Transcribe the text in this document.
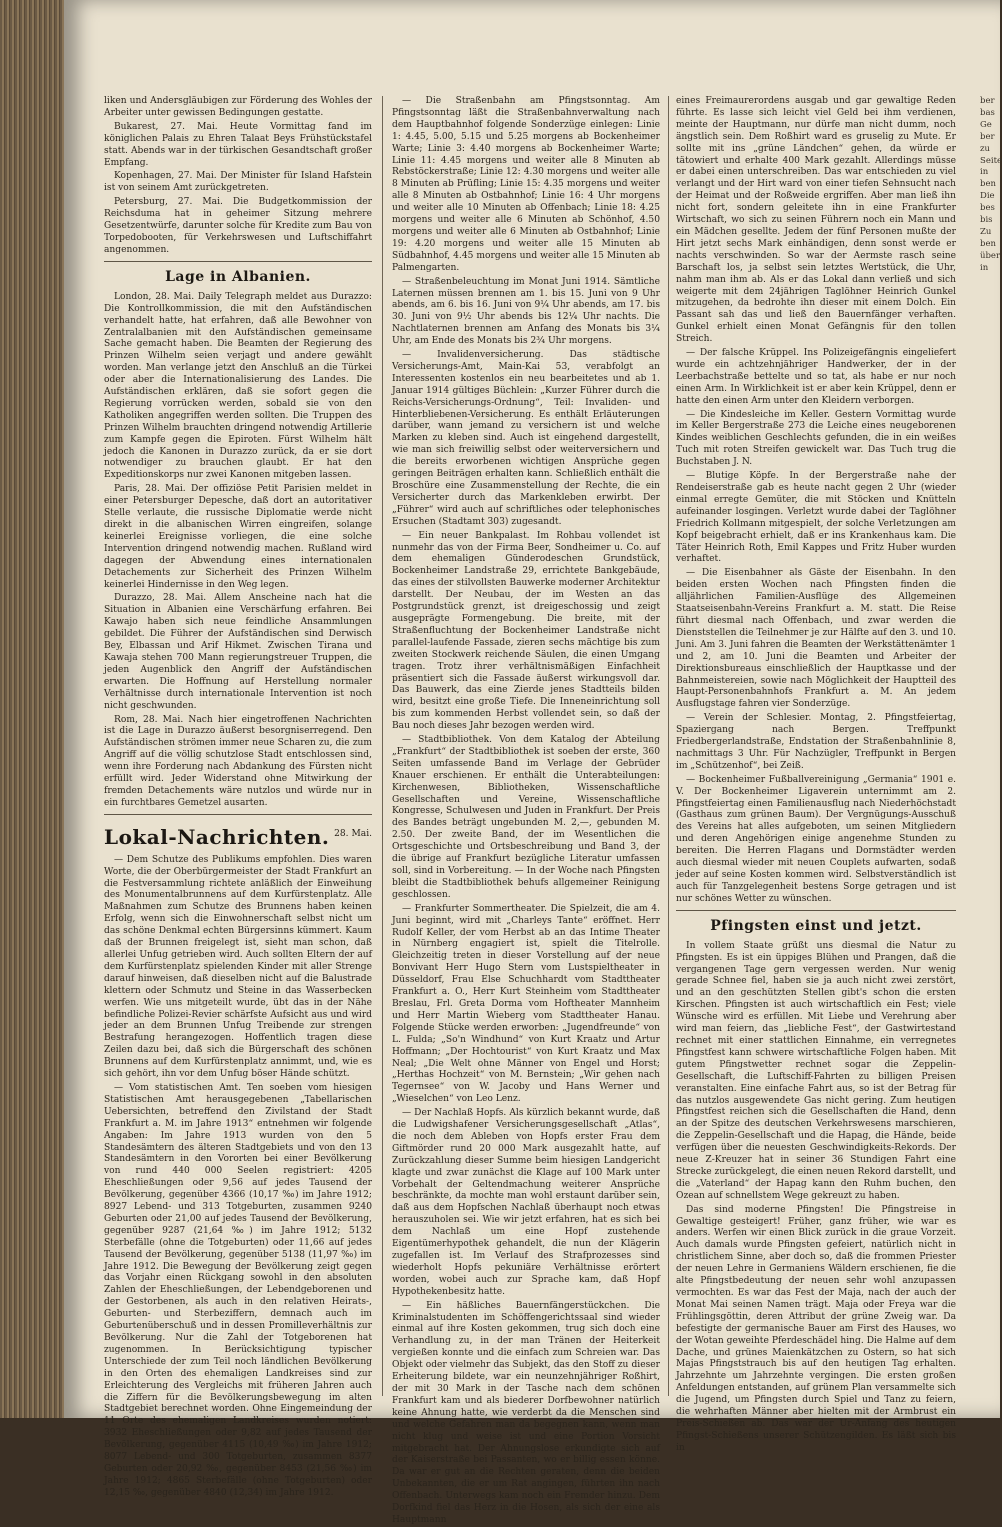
liken und Andersgläubigen zur Förderung des Wohles der Arbeiter unter gewissen Bedingungen gestatte.

Bukarest, 27. Mai. Heute Vormittag fand im königlichen Palais zu Ehren Talaat Beys Frühstückstafel statt. Abends war in der türkischen Gesandtschaft großer Empfang.

Kopenhagen, 27. Mai. Der Minister für Island Hafstein ist von seinem Amt zurückgetreten.

Petersburg, 27. Mai. Die Budgetkommission der Reichsduma hat in geheimer Sitzung mehrere Gesetzentwürfe, darunter solche für Kredite zum Bau von Torpedobooten, für Verkehrswesen und Luftschiffahrt angenommen.

Lage in Albanien.

London, 28. Mai. Daily Telegraph meldet aus Durazzo: Die Kontrollkommission, die mit den Aufständischen verhandelt hatte, hat erfahren, daß alle Bewohner von Zentralalbanien mit den Aufständischen gemeinsame Sache gemacht haben. Die Beamten der Regierung des Prinzen Wilhelm seien verjagt und andere gewählt worden. Man verlange jetzt den Anschluß an die Türkei oder aber die Internationalisierung des Landes. Die Aufständischen erklären, daß sie sofort gegen die Regierung vorrücken werden, sobald sie von den Katholiken angegriffen werden sollten. Die Truppen des Prinzen Wilhelm brauchten dringend notwendig Artillerie zum Kampfe gegen die Epiroten. Fürst Wilhelm hält jedoch die Kanonen in Durazzo zurück, da er sie dort notwendiger zu brauchen glaubt. Er hat den Expeditionskorps nur zwei Kanonen mitgeben lassen.

Paris, 28. Mai. Der offiziöse Petit Parisien meldet in einer Petersburger Depesche, daß dort an autoritativer Stelle verlaute, die russische Diplomatie werde nicht direkt in die albanischen Wirren eingreifen, solange keinerlei Ereignisse vorliegen, die eine solche Intervention dringend notwendig machen. Rußland wird dagegen der Abwendung eines internationalen Detachements zur Sicherheit des Prinzen Wilhelm keinerlei Hindernisse in den Weg legen.

Durazzo, 28. Mai. Allem Anscheine nach hat die Situation in Albanien eine Verschärfung erfahren. Bei Kawajo haben sich neue feindliche Ansammlungen gebildet. Die Führer der Aufständischen sind Derwisch Bey, Elbassan und Arif Hikmet. Zwischen Tirana und Kawaja stehen 700 Mann regierungstreuer Truppen, die jeden Augenblick den Angriff der Aufständischen erwarten. Die Hoffnung auf Herstellung normaler Verhältnisse durch internationale Intervention ist noch nicht geschwunden.

Rom, 28. Mai. Nach hier eingetroffenen Nachrichten ist die Lage in Durazzo äußerst besorgniserregend. Den Aufständischen strömen immer neue Scharen zu, die zum Angriff auf die völlig schutzlose Stadt entschlossen sind, wenn ihre Forderung nach Abdankung des Fürsten nicht erfüllt wird. Jeder Widerstand ohne Mitwirkung der fremden Detachements wäre nutzlos und würde nur in ein furchtbares Gemetzel ausarten.

Lokal-Nachrichten. 28. Mai.

— Dem Schutze des Publikums empfohlen. Dies waren Worte, die der Oberbürgermeister der Stadt Frankfurt an die Festversammlung richtete anläßlich der Einweihung des Monumentalbrunnens auf dem Kurfürstenplatz. Alle Maßnahmen zum Schutze des Brunnens haben keinen Erfolg, wenn sich die Einwohnerschaft selbst nicht um das schöne Denkmal echten Bürgersinns kümmert. Kaum daß der Brunnen freigelegt ist, sieht man schon, daß allerlei Unfug getrieben wird. Auch sollten Eltern der auf dem Kurfürstenplatz spielenden Kinder mit aller Strenge darauf hinweisen, daß dieselben nicht auf die Balustrade klettern oder Schmutz und Steine in das Wasserbecken werfen. Wie uns mitgeteilt wurde, übt das in der Nähe befindliche Polizei-Revier schärfste Aufsicht aus und wird jeder an dem Brunnen Unfug Treibende zur strengen Bestrafung herangezogen. Hoffentlich tragen diese Zeilen dazu bei, daß sich die Bürgerschaft des schönen Brunnens auf dem Kurfürstenplatz annimmt, und, wie es sich gehört, ihn vor dem Unfug böser Hände schützt.

— Vom statistischen Amt. Ten soeben vom hiesigen Statistischen Amt herausgegebenen „Tabellarischen Uebersichten, betreffend den Zivilstand der Stadt Frankfurt a. M. im Jahre 1913“ entnehmen wir folgende Angaben: Im Jahre 1913 wurden von den 5 Standesämtern des älteren Stadtgebiets und von den 13 Standesämtern in den Vororten bei einer Bevölkerung von rund 440 000 Seelen registriert: 4205 Eheschließungen oder 9,56 auf jedes Tausend der Bevölkerung, gegenüber 4366 (10,17 ‰) im Jahre 1912; 8927 Lebend- und 313 Totgeburten, zusammen 9240 Geburten oder 21,00 auf jedes Tausend der Bevölkerung, gegenüber 9287 (21,64 ‰) im Jahre 1912; 5132 Sterbefälle (ohne die Totgeburten) oder 11,66 auf jedes Tausend der Bevölkerung, gegenüber 5138 (11,97 ‰) im Jahre 1912. Die Bewegung der Bevölkerung zeigt gegen das Vorjahr einen Rückgang sowohl in den absoluten Zahlen der Eheschließungen, der Lebendgeborenen und der Gestorbenen, als auch in den relativen Heirats-, Geburten- und Sterbeziffern, demnach auch im Geburtenüberschuß und in dessen Promilleverhältnis zur Bevölkerung. Nur die Zahl der Totgeborenen hat zugenommen. In Berücksichtigung typischer Unterschiede der zum Teil noch ländlichen Bevölkerung in den Orten des ehemaligen Landkreises sind zur Erleichterung des Vergleichs mit früheren Jahren auch die Ziffern für die Bevölkerungsbewegung im alten Stadtgebiet berechnet worden. Ohne Eingemeindung der 11 Orte des ehemaligen Landkreises wurden notiert: 3932 Eheschließungen oder 9,82 auf jedes Tausend der Bevölkerung, gegenüber 4115 (10,49 ‰) im Jahre 1912; 8077 Lebend- und 300 Totgeburten, zusammen 8377 Geburten oder 20,92 ‰, gegenüber 8453 (21,56 ‰) im Jahre 1912; 4865 Sterbefälle (ohne Totgeburten) oder 12,15 ‰, gegenüber 4840 (12,34) im Jahre 1912.

— Die Straßenbahn am Pfingstsonntag. Am Pfingstsonntag läßt die Straßenbahnverwaltung nach dem Hauptbahnhof folgende Sonderzüge einlegen: Linie 1: 4.45, 5.00, 5.15 und 5.25 morgens ab Bockenheimer Warte; Linie 3: 4.40 morgens ab Bockenheimer Warte; Linie 11: 4.45 morgens und weiter alle 8 Minuten ab Rebstöckerstraße; Linie 12: 4.30 morgens und weiter alle 8 Minuten ab Prüfling; Linie 15: 4.35 morgens und weiter alle 8 Minuten ab Ostbahnhof; Linie 16: 4 Uhr morgens und weiter alle 10 Minuten ab Offenbach; Linie 18: 4.25 morgens und weiter alle 6 Minuten ab Schönhof, 4.50 morgens und weiter alle 6 Minuten ab Ostbahnhof; Linie 19: 4.20 morgens und weiter alle 15 Minuten ab Südbahnhof, 4.45 morgens und weiter alle 15 Minuten ab Palmengarten.

— Straßenbeleuchtung im Monat Juni 1914. Sämtliche Laternen müssen brennen am 1. bis 15. Juni von 9 Uhr abends, am 6. bis 16. Juni von 9¼ Uhr abends, am 17. bis 30. Juni von 9½ Uhr abends bis 12¼ Uhr nachts. Die Nachtlaternen brennen am Anfang des Monats bis 3¼ Uhr, am Ende des Monats bis 2¾ Uhr morgens.

— Invalidenversicherung. Das städtische Versicherungs-Amt, Main-Kai 53, verabfolgt an Interessenten kostenlos ein neu bearbeitetes und ab 1. Januar 1914 gültiges Büchlein: „Kurzer Führer durch die Reichs-Versicherungs-Ordnung“, Teil: Invaliden- und Hinterbliebenen-Versicherung. Es enthält Erläuterungen darüber, wann jemand zu versichern ist und welche Marken zu kleben sind. Auch ist eingehend dargestellt, wie man sich freiwillig selbst oder weiterversichern und die bereits erworbenen wichtigen Ansprüche gegen geringen Beiträgen erhalten kann. Schließlich enthält die Broschüre eine Zusammenstellung der Rechte, die ein Versicherter durch das Markenkleben erwirbt. Der „Führer“ wird auch auf schriftliches oder telephonisches Ersuchen (Stadtamt 303) zugesandt.

— Ein neuer Bankpalast. Im Rohbau vollendet ist nunmehr das von der Firma Beer, Sondheimer u. Co. auf dem ehemaligen Günderodeschen Grundstück, Bockenheimer Landstraße 29, errichtete Bankgebäude, das eines der stilvollsten Bauwerke moderner Architektur darstellt. Der Neubau, der im Westen an das Postgrundstück grenzt, ist dreigeschossig und zeigt ausgeprägte Formengebung. Die breite, mit der Straßenfluchtung der Bockenheimer Landstraße nicht parallel-laufende Fassade, zieren sechs mächtige bis zum zweiten Stockwerk reichende Säulen, die einen Umgang tragen. Trotz ihrer verhältnismäßigen Einfachheit präsentiert sich die Fassade äußerst wirkungsvoll dar. Das Bauwerk, das eine Zierde jenes Stadtteils bilden wird, besitzt eine große Tiefe. Die Inneneinrichtung soll bis zum kommenden Herbst vollendet sein, so daß der Bau noch dieses Jahr bezogen werden wird.

— Stadtbibliothek. Von dem Katalog der Abteilung „Frankfurt“ der Stadtbibliothek ist soeben der erste, 360 Seiten umfassende Band im Verlage der Gebrüder Knauer erschienen. Er enthält die Unterabteilungen: Kirchenwesen, Bibliotheken, Wissenschaftliche Gesellschaften und Vereine, Wissenschaftliche Kongresse, Schulwesen und Juden in Frankfurt. Der Preis des Bandes beträgt ungebunden M. 2,—, gebunden M. 2.50. Der zweite Band, der im Wesentlichen die Ortsgeschichte und Ortsbeschreibung und Band 3, der die übrige auf Frankfurt bezügliche Literatur umfassen soll, sind in Vorbereitung. — In der Woche nach Pfingsten bleibt die Stadtbibliothek behufs allgemeiner Reinigung geschlossen.

— Frankfurter Sommertheater. Die Spielzeit, die am 4. Juni beginnt, wird mit „Charleys Tante“ eröffnet. Herr Rudolf Keller, der vom Herbst ab an das Intime Theater in Nürnberg engagiert ist, spielt die Titelrolle. Gleichzeitig treten in dieser Vorstellung auf der neue Bonvivant Herr Hugo Stern vom Lustspieltheater in Düsseldorf, Frau Else Schuchhardt vom Stadttheater Frankfurt a. O., Herr Kurt Steinheim vom Stadttheater Breslau, Frl. Greta Dorma vom Hoftheater Mannheim und Herr Martin Wieberg vom Stadttheater Hanau. Folgende Stücke werden erworben: „Jugendfreunde“ von L. Fulda; „So'n Windhund“ von Kurt Kraatz und Artur Hoffmann; „Der Hochtourist“ von Kurt Kraatz und Max Neal; „Die Welt ohne Männer von Engel und Horst; „Herthas Hochzeit“ von M. Bernstein; „Wir gehen nach Tegernsee“ von W. Jacoby und Hans Werner und „Wieselchen“ von Leo Lenz.

— Der Nachlaß Hopfs. Als kürzlich bekannt wurde, daß die Ludwigshafener Versicherungsgesellschaft „Atlas“, die noch dem Ableben von Hopfs erster Frau dem Giftmörder rund 20 000 Mark ausgezahlt hatte, auf Zurückzahlung dieser Summe beim hiesigen Landgericht klagte und zwar zunächst die Klage auf 100 Mark unter Vorbehalt der Geltendmachung weiterer Ansprüche beschränkte, da mochte man wohl erstaunt darüber sein, daß aus dem Hopfschen Nachlaß überhaupt noch etwas herauszuholen sei. Wie wir jetzt erfahren, hat es sich bei dem Nachlaß um eine Hopf zustehende Eigentümerhypothek gehandelt, die nun der Klägerin zugefallen ist. Im Verlauf des Strafprozesses sind wiederholt Hopfs pekuniäre Verhältnisse erörtert worden, wobei auch zur Sprache kam, daß Hopf Hypothekenbesitz hatte.

— Ein häßliches Bauernfängerstückchen. Die Kriminalstudenten im Schöffengerichtssaal sind wieder einmal auf ihre Kosten gekommen, trug sich doch eine Verhandlung zu, in der man Tränen der Heiterkeit vergießen konnte und die einfach zum Schreien war. Das Objekt oder vielmehr das Subjekt, das den Stoff zu dieser Erheiterung bildete, war ein neunzehnjähriger Roßhirt, der mit 30 Mark in der Tasche nach dem schönen Frankfurt kam und als biederer Dorfbewohner natürlich keine Ahnung hatte, wie verderbt da die Menschen sind und welche Gefahren man da begegnen kann, wenn man nicht klug und weise ist und eine Portion Vorsicht mitgebracht hat. Der Ahnungslose erkundigte sich auf der Kaiserstraße bei Passanten, wo er billig essen könne. Da war er gut an die Rechten geraten, denn die beiden Unbekannten, die er um Rat angingen, führten ihn nach Offenbach. Unterwegs kam noch ein Fremder hinzu. Dem Dorfkind fiel das Herz in die Hosen, als sich der eine als Hauptmann

eines Freimaurerordens ausgab und gar gewaltige Reden führte. Es lasse sich leicht viel Geld bei ihm verdienen, meinte der Hauptmann, nur dürfe man nicht dumm, noch ängstlich sein. Dem Roßhirt ward es gruselig zu Mute. Er sollte mit ins „grüne Ländchen“ gehen, da würde er tätowiert und erhalte 400 Mark gezahlt. Allerdings müsse er dabei einen unterschreiben. Das war entschieden zu viel verlangt und der Hirt ward von einer tiefen Sehnsucht nach der Heimat und der Roßweide ergriffen. Aber man ließ ihn nicht fort, sondern geleitete ihn in eine Frankfurter Wirtschaft, wo sich zu seinen Führern noch ein Mann und ein Mädchen gesellte. Jedem der fünf Personen mußte der Hirt jetzt sechs Mark einhändigen, denn sonst werde er nachts verschwinden. So war der Aermste rasch seine Barschaft los, ja selbst sein letztes Wertstück, die Uhr, nahm man ihm ab. Als er das Lokal dann verließ und sich weigerte mit dem 24jährigen Taglöhner Heinrich Gunkel mitzugehen, da bedrohte ihn dieser mit einem Dolch. Ein Passant sah das und ließ den Bauernfänger verhaften. Gunkel erhielt einen Monat Gefängnis für den tollen Streich.

— Der falsche Krüppel. Ins Polizeigefängnis eingeliefert wurde ein achtzehnjähriger Handwerker, der in der Leerbachstraße bettelte und so tat, als habe er nur noch einen Arm. In Wirklichkeit ist er aber kein Krüppel, denn er hatte den einen Arm unter den Kleidern verborgen.

— Die Kindesleiche im Keller. Gestern Vormittag wurde im Keller Bergerstraße 273 die Leiche eines neugeborenen Kindes weiblichen Geschlechts gefunden, die in ein weißes Tuch mit roten Streifen gewickelt war. Das Tuch trug die Buchstaben J. N.

— Blutige Köpfe. In der Bergerstraße nahe der Rendeiserstraße gab es heute nacht gegen 2 Uhr (wieder einmal erregte Gemüter, die mit Stöcken und Knütteln aufeinander losgingen. Verletzt wurde dabei der Taglöhner Friedrich Kollmann mitgespielt, der solche Verletzungen am Kopf beigebracht erhielt, daß er ins Krankenhaus kam. Die Täter Heinrich Roth, Emil Kappes und Fritz Huber wurden verhaftet.

— Die Eisenbahner als Gäste der Eisenbahn. In den beiden ersten Wochen nach Pfingsten finden die alljährlichen Familien-Ausflüge des Allgemeinen Staatseisenbahn-Vereins Frankfurt a. M. statt. Die Reise führt diesmal nach Offenbach, und zwar werden die Dienststellen die Teilnehmer je zur Hälfte auf den 3. und 10. Juni. Am 3. Juni fahren die Beamten der Werkstättenämter 1 und 2, am 10. Juni die Beamten und Arbeiter der Direktionsbureaus einschließlich der Hauptkasse und der Bahnmeistereien, sowie nach Möglichkeit der Hauptteil des Haupt-Personenbahnhofs Frankfurt a. M. An jedem Ausflugstage fahren vier Sonderzüge.

— Verein der Schlesier. Montag, 2. Pfingstfeiertag, Spaziergang nach Bergen. Treffpunkt Friedbergerlandstraße, Endstation der Straßenbahnlinie 8, nachmittags 3 Uhr. Für Nachzügler, Treffpunkt in Bergen im „Schützenhof“, bei Zeiß.

— Bockenheimer Fußballvereinigung „Germania“ 1901 e. V. Der Bockenheimer Ligaverein unternimmt am 2. Pfingstfeiertag einen Familienausflug nach Niederhöchstadt (Gasthaus zum grünen Baum). Der Vergnügungs-Ausschuß des Vereins hat alles aufgeboten, um seinen Mitgliedern und deren Angehörigen einige angenehme Stunden zu bereiten. Die Herren Flagans und Dormstädter werden auch diesmal wieder mit neuen Couplets aufwarten, sodaß jeder auf seine Kosten kommen wird. Selbstverständlich ist auch für Tanzgelegenheit bestens Sorge getragen und ist nur schönes Wetter zu wünschen.

Pfingsten einst und jetzt.

In vollem Staate grüßt uns diesmal die Natur zu Pfingsten. Es ist ein üppiges Blühen und Prangen, daß die vergangenen Tage gern vergessen werden. Nur wenig gerade Schnee fiel, haben sie ja auch nicht zwei zerstört, und an den geschützten Stellen gibt's schon die ersten Kirschen. Pfingsten ist auch wirtschaftlich ein Fest; viele Wünsche wird es erfüllen. Mit Liebe und Verehrung aber wird man feiern, das „liebliche Fest“, der Gastwirtestand rechnet mit einer stattlichen Einnahme, ein verregnetes Pfingstfest kann schwere wirtschaftliche Folgen haben. Mit gutem Pfingstwetter rechnet sogar die Zeppelin-Gesellschaft, die Luftschiff-Fahrten zu billigen Preisen veranstalten. Eine einfache Fahrt aus, so ist der Betrag für das nutzlos ausgewendete Gas nicht gering. Zum heutigen Pfingstfest reichen sich die Gesellschaften die Hand, denn an der Spitze des deutschen Verkehrswesens marschieren, die Zeppelin-Gesellschaft und die Hapag, die Hände, beide verfügen über die neuesten Geschwindigkeits-Rekords. Der neue Z-Kreuzer hat in seiner 36 Stundigen Fahrt eine Strecke zurückgelegt, die einen neuen Rekord darstellt, und die „Vaterland“ der Hapag kann den Ruhm buchen, den Ozean auf schnellstem Wege gekreuzt zu haben.

Das sind moderne Pfingsten! Die Pfingstreise in Gewaltige gesteigert! Früher, ganz früher, wie war es anders. Werfen wir einen Blick zurück in die graue Vorzeit. Auch damals wurde Pfingsten gefeiert, natürlich nicht in christlichem Sinne, aber doch so, daß die frommen Priester der neuen Lehre in Germaniens Wäldern erschienen, fie die alte Pfingstbedeutung der neuen sehr wohl anzupassen vermochten. Es war das Fest der Maja, nach der auch der Monat Mai seinen Namen trägt. Maja oder Freya war die Frühlingsgöttin, deren Attribut der grüne Zweig war. Da befestigte der germanische Bauer am First des Hauses, wo der Wotan geweihte Pferdeschädel hing. Die Halme auf dem Dache, und grünes Maienkätzchen zu Ostern, so hat sich Majas Pfingststrauch bis auf den heutigen Tag erhalten. Jahrzehnte um Jahrzehnte vergingen. Die ersten großen Anfeldungen entstanden, auf grünem Plan versammelte sich die Jugend, um Pfingsten durch Spiel und Tanz zu feiern, die wehrhaften Männer aber hielten mit der Armbrust ein Preis-Schießen ab. Das war der Ur-Anfang des heutigen Pfingst-Schießens unserer Schützengilden. Es läßt sich bis in

ber bas Ge ber zu Seite in ben Die bes bis Zu ben über in
